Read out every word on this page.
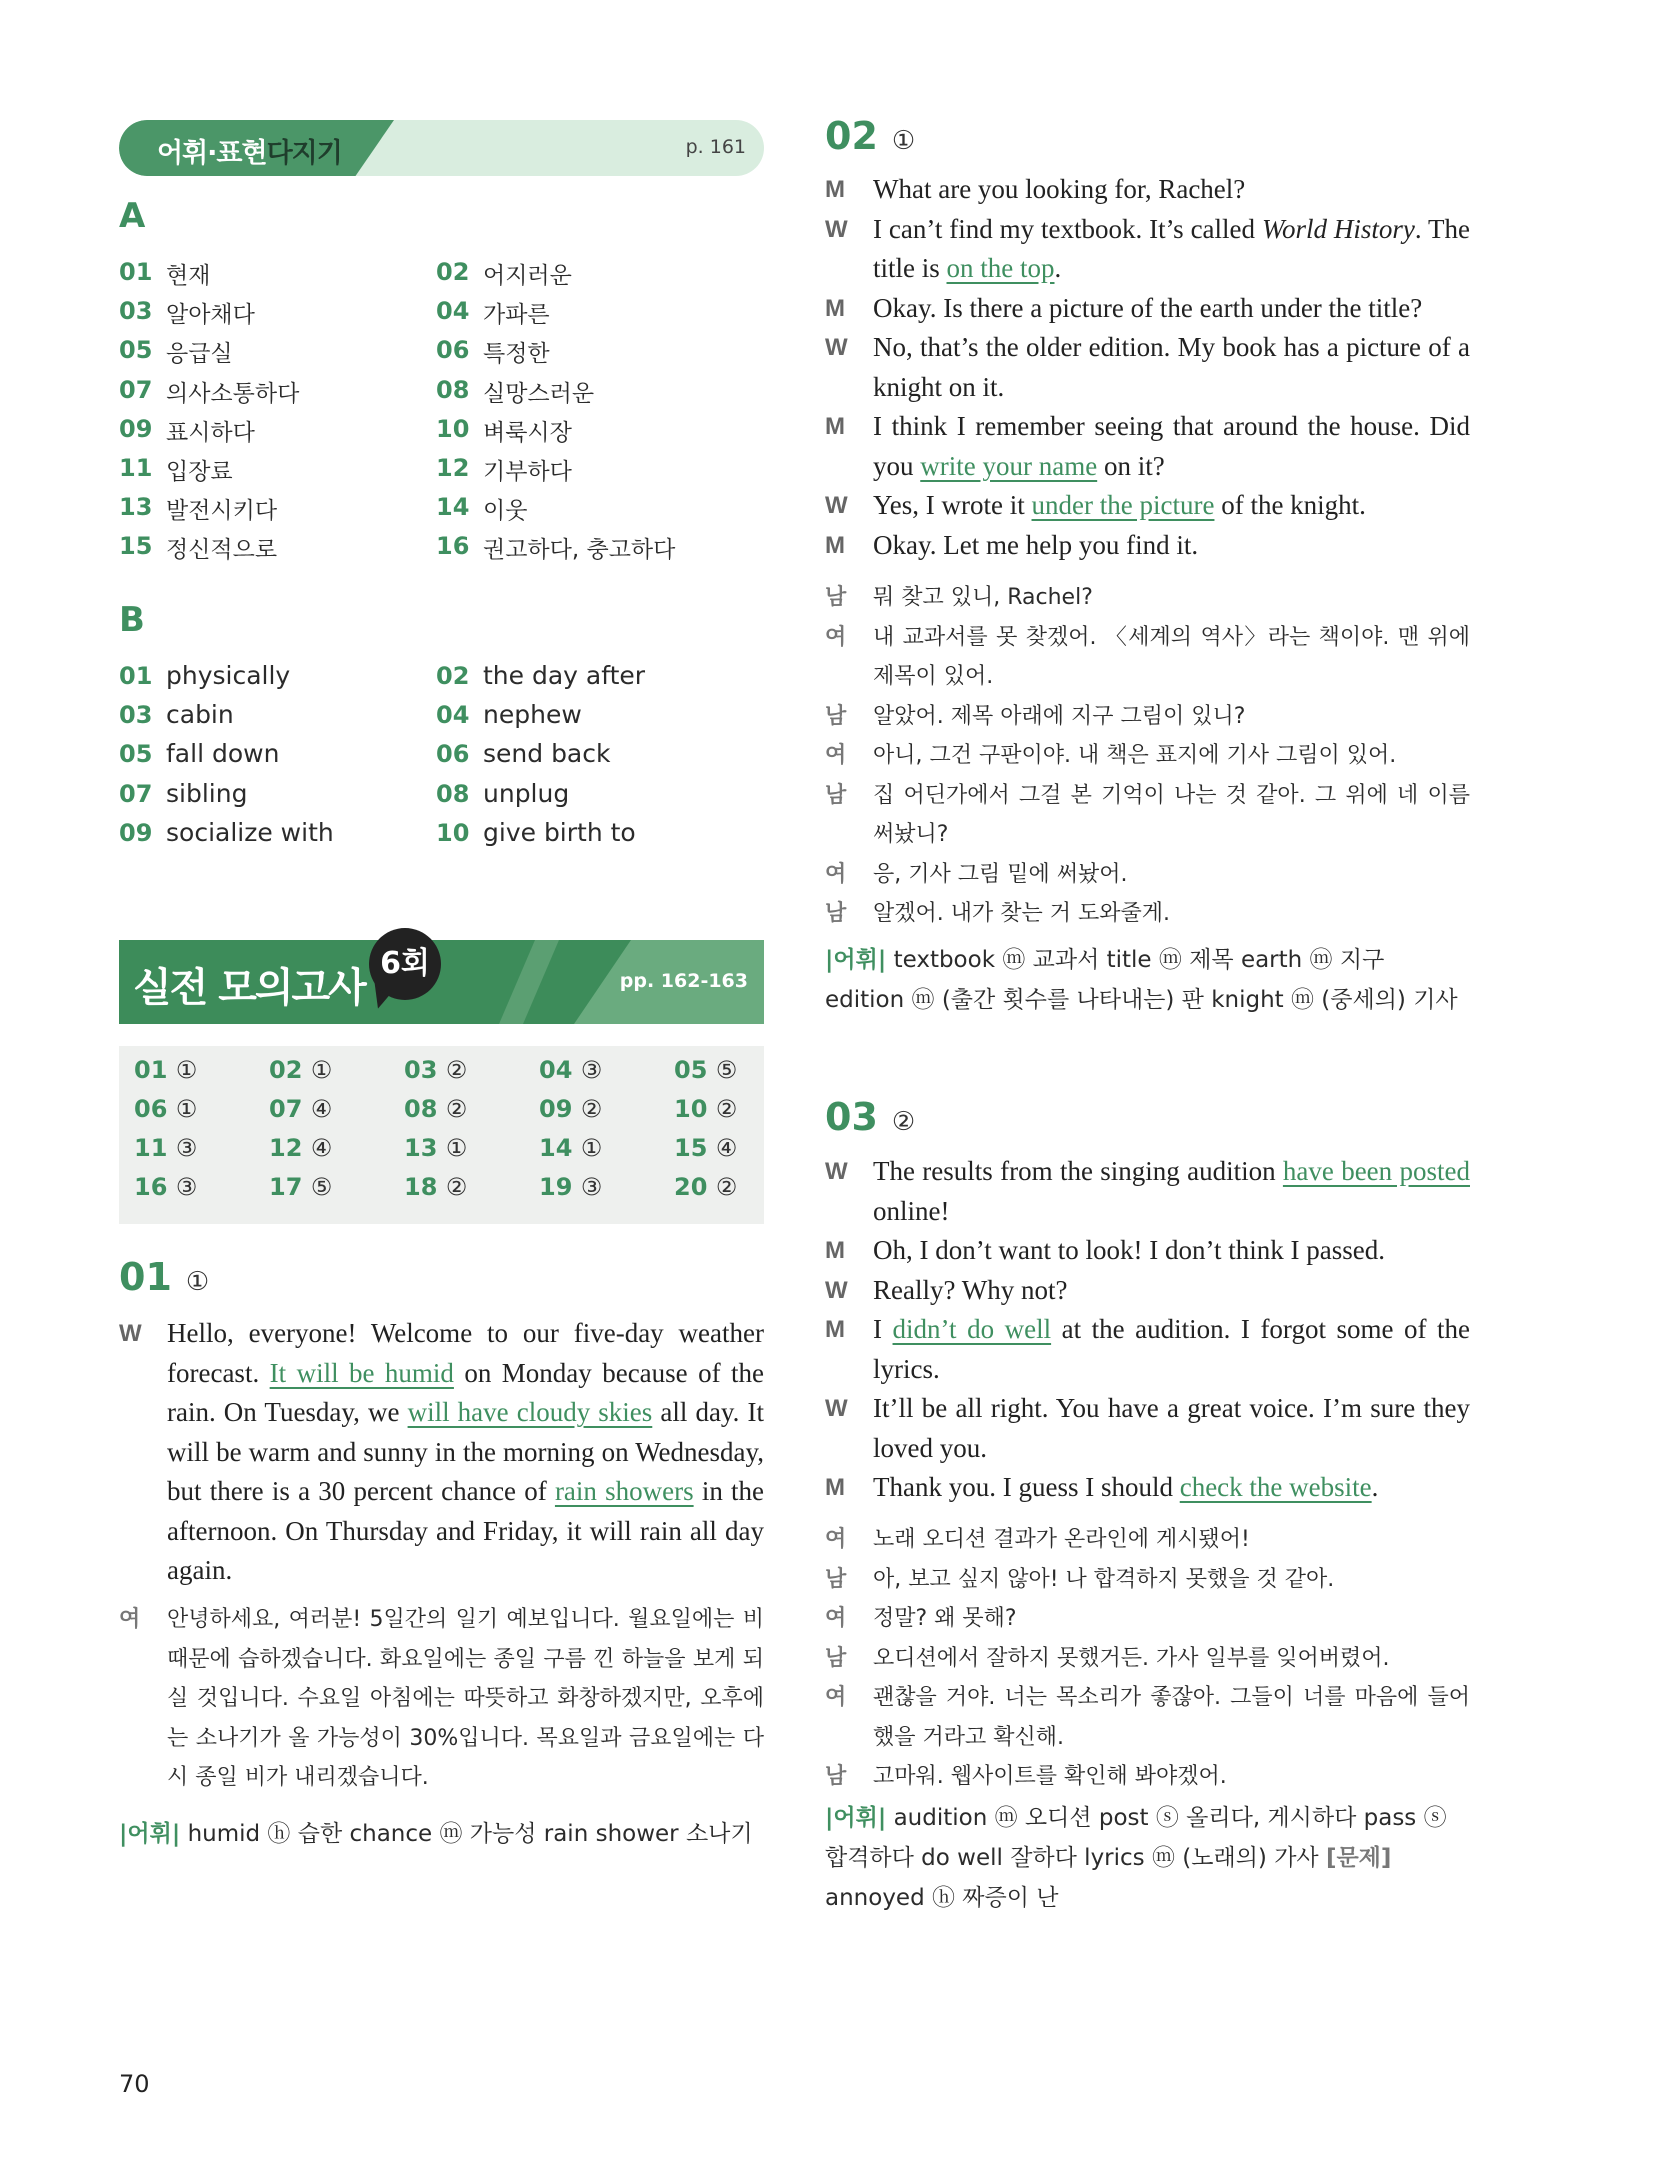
어휘·표현다지기	p. 161
A
01 현재	02 어지러운
03 알아채다	04 가파른
05 응급실	06 특정한
07 의사소통하다	08 실망스러운
09 표시하다	10 벼룩시장
11 입장료	12 기부하다
13 발전시키다	14 이웃
15 정신적으로	16 권고하다, 충고하다
B
01 physically	02 the day after
03 cabin	04 nephew
05 fall down	06 send back
07 sibling	08 unplug
09 socialize with	10 give birth to
실전 모의고사
6회	pp. 162-163
01 ①	02 ①	03 ②	04 ③	05 ⑤
06 ①	07 ④	08 ②	09 ②	10 ②
11 ③	12 ④	13 ①	14 ①	15 ④
16 ③	17 ⑤	18 ②	19 ③	20 ②
01 ①

W Hello, everyone! Welcome to our five-day weather forecast. It will be humid on Monday because of the rain. On Tuesday, we will have cloudy skies all day. It will be warm and sunny in the morning on Wednesday, but there is a 30 percent chance of rain showers in the afternoon. On Thursday and Friday, it will rain all day again.

여 안녕하세요, 여러분! 5일간의 일기 예보입니다. 월요일에는 비 때문에 습하겠습니다. 화요일에는 종일 구름 낀 하늘을 보게 되실 것입니다. 수요일 아침에는 따뜻하고 화창하겠지만, 오후에는 소나기가 올 가능성이 30%입니다. 목요일과 금요일에는 다시 종일 비가 내리겠습니다.

|어휘| humid ⓗ 습한 chance ⓜ 가능성 rain shower 소나기
02 ①

M What are you looking for, Rachel?

W I can’t find my textbook. It’s called World History. The title is on the top.

M Okay. Is there a picture of the earth under the title?

W No, that’s the older edition. My book has a picture of a knight on it.

M I think I remember seeing that around the house. Did you write your name on it?

W Yes, I wrote it under the picture of the knight.

M Okay. Let me help you find it.

남 뭐 찾고 있니, Rachel?

여 내 교과서를 못 찾겠어. 〈세계의 역사〉라는 책이야. 맨 위에 제목이 있어.

남 알았어. 제목 아래에 지구 그림이 있니?

여 아니, 그건 구판이야. 내 책은 표지에 기사 그림이 있어.

남 집 어딘가에서 그걸 본 기억이 나는 것 같아. 그 위에 네 이름 써놨니?

여 응, 기사 그림 밑에 써놨어.

남 알겠어. 내가 찾는 거 도와줄게.

|어휘| textbook ⓜ 교과서 title ⓜ 제목 earth ⓜ 지구 edition ⓜ (출간 횟수를 나타내는) 판 knight ⓜ (중세의) 기사
03 ②

W The results from the singing audition have been posted online!

M Oh, I don’t want to look! I don’t think I passed.

W Really? Why not?

M I didn’t do well at the audition. I forgot some of the lyrics.

W It’ll be all right. You have a great voice. I’m sure they loved you.

M Thank you. I guess I should check the website.

여 노래 오디션 결과가 온라인에 게시됐어!

남 아, 보고 싶지 않아! 나 합격하지 못했을 것 같아.

여 정말? 왜 못해?

남 오디션에서 잘하지 못했거든. 가사 일부를 잊어버렸어.

여 괜찮을 거야. 너는 목소리가 좋잖아. 그들이 너를 마음에 들어 했을 거라고 확신해.

남 고마워. 웹사이트를 확인해 봐야겠어.

|어휘| audition ⓜ 오디션 post ⓢ 올리다, 게시하다 pass ⓢ 합격하다 do well 잘하다 lyrics ⓜ (노래의) 가사 [문제] annoyed ⓗ 짜증이 난
70
